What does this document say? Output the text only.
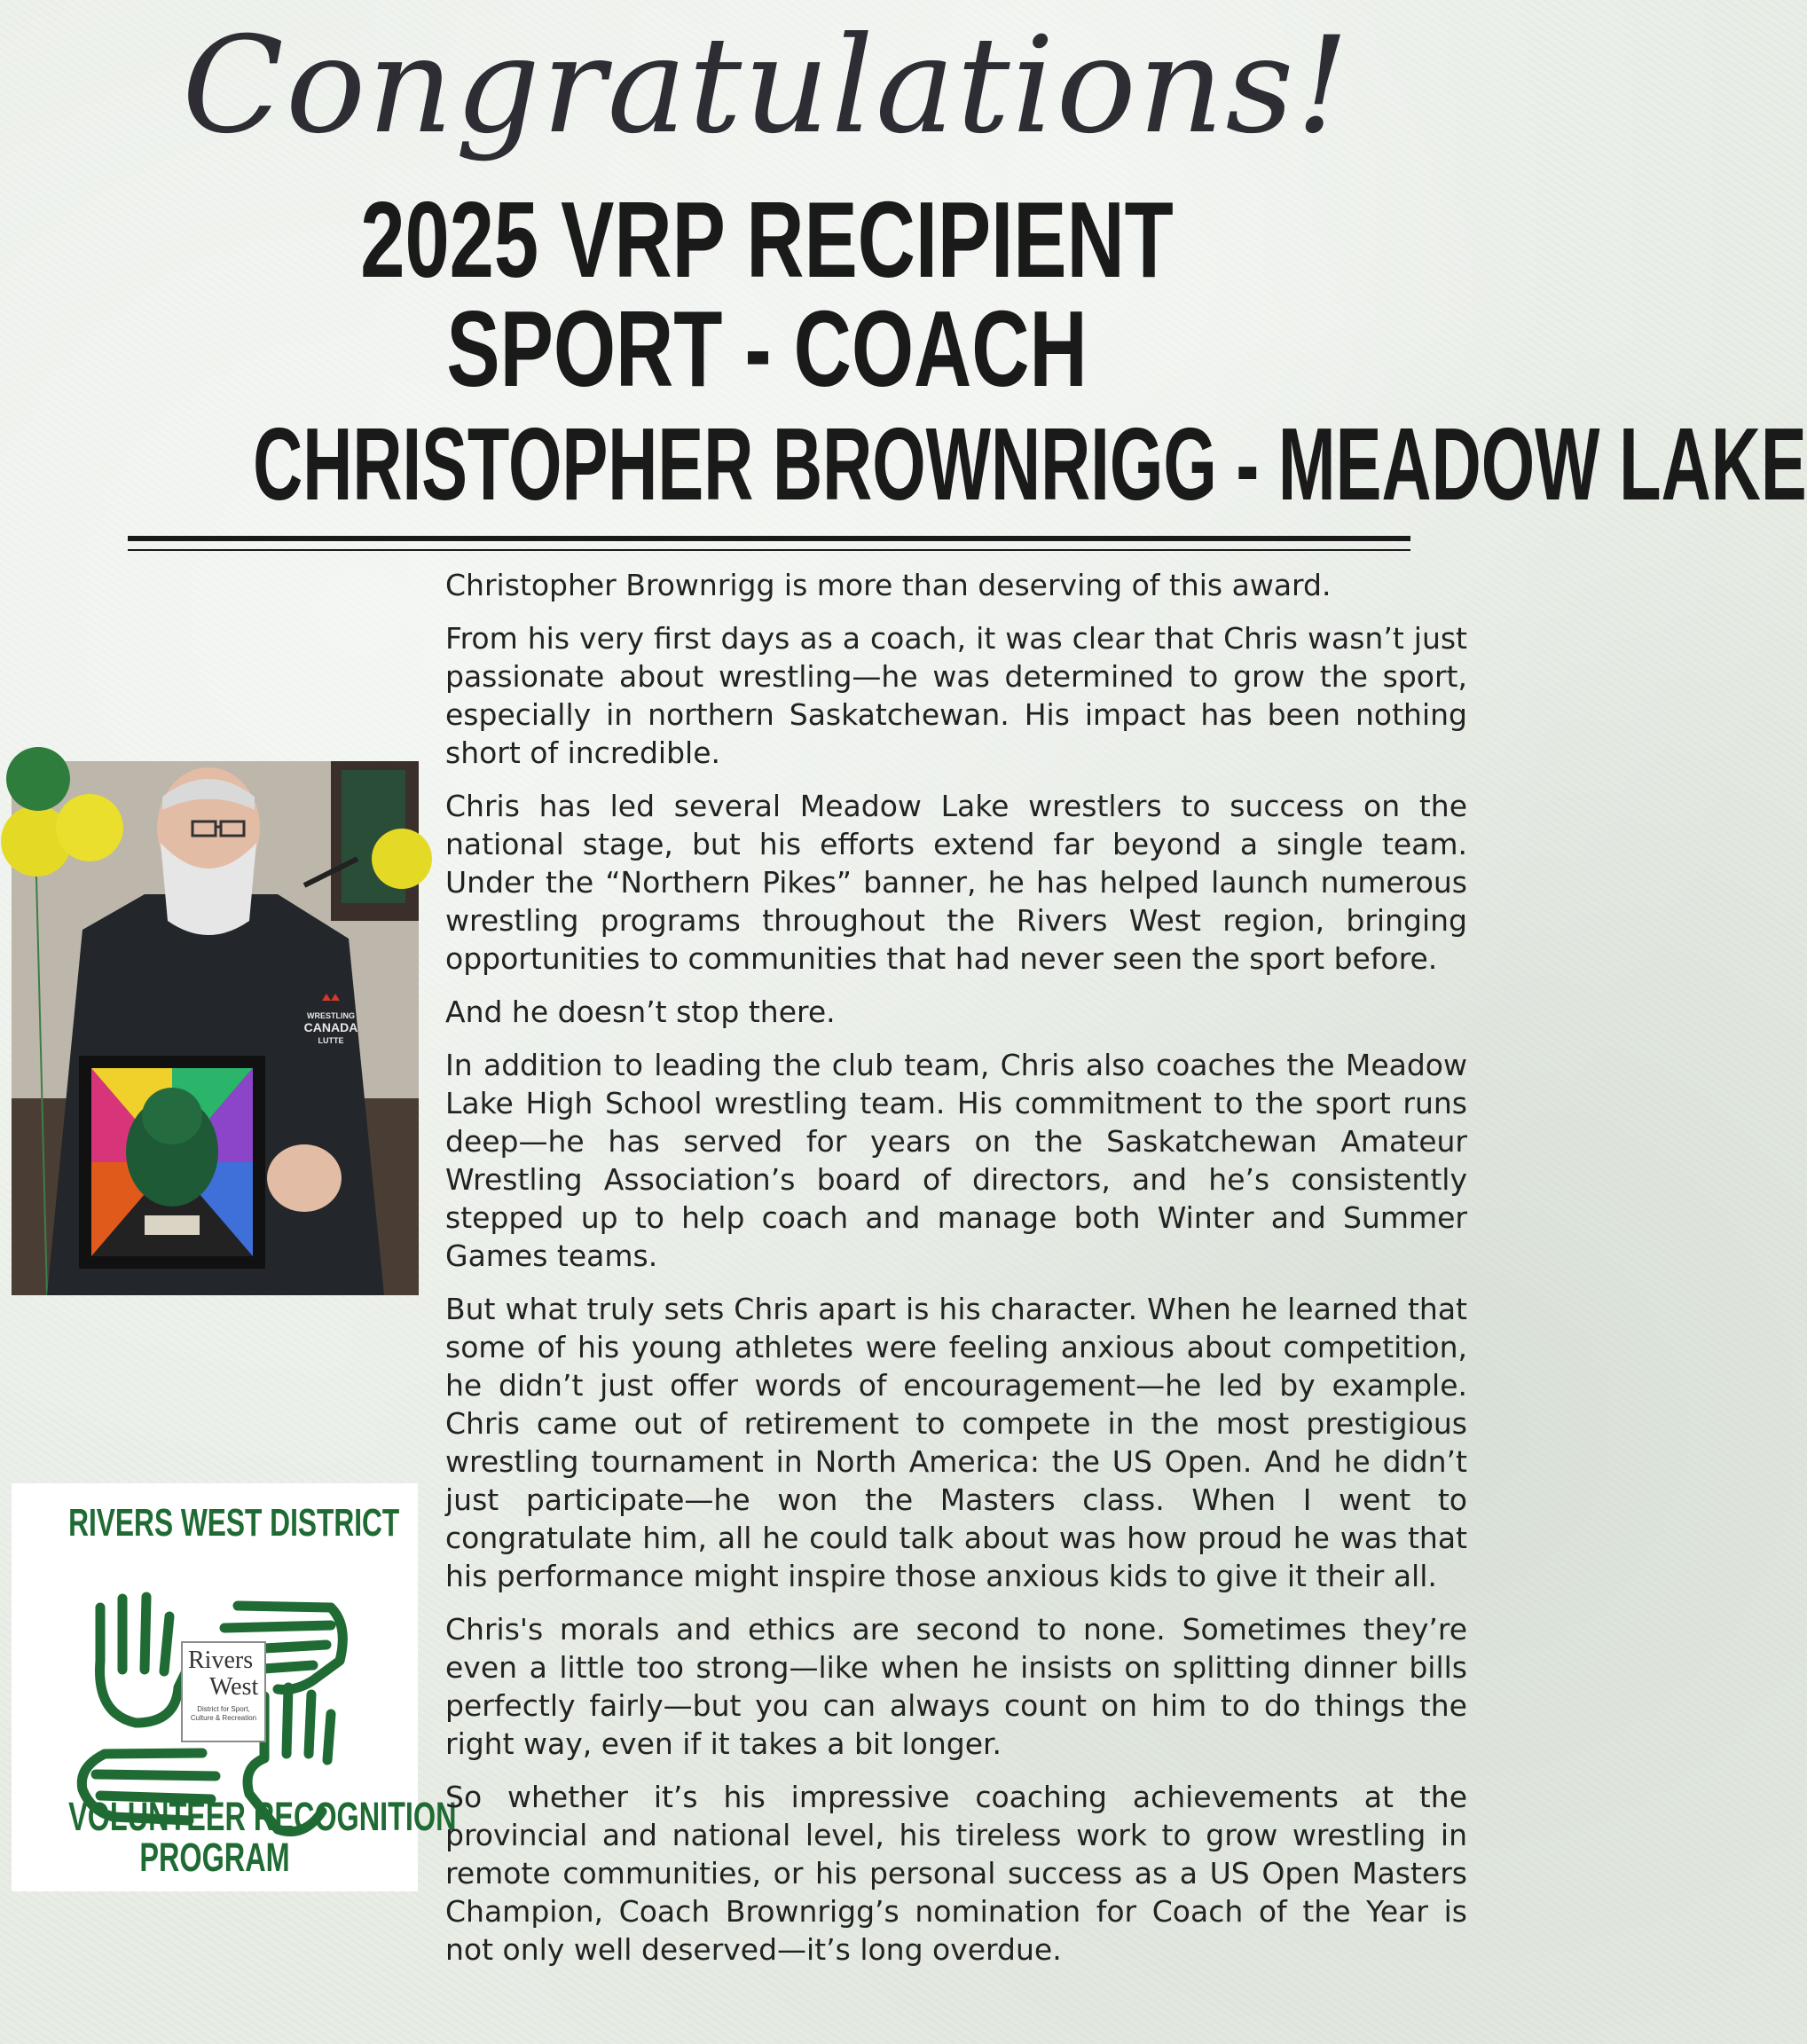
Congratulations!
2025 VRP RECIPIENT
SPORT - COACH
CHRISTOPHER BROWNRIGG - MEADOW LAKE
WRESTLING
CANADA
LUTTE
RIVERS WEST DISTRICT
Rivers
West
District for Sport, Culture & Recreation
VOLUNTEER RECOGNITION
PROGRAM

Christopher Brownrigg is more than deserving of this award.

From his very first days as a coach, it was clear that Chris wasn’t just passionate about wrestling—he was determined to grow the sport, especially in northern Saskatchewan. His impact has been nothing short of incredible.

Chris has led several Meadow Lake wrestlers to success on the national stage, but his efforts extend far beyond a single team. Under the “Northern Pikes” banner, he has helped launch numerous wrestling programs throughout the Rivers West region, bringing opportunities to communities that had never seen the sport before.

And he doesn’t stop there.

In addition to leading the club team, Chris also coaches the Meadow Lake High School wrestling team. His commitment to the sport runs deep—he has served for years on the Saskatchewan Amateur Wrestling Association’s board of directors, and he’s consistently stepped up to help coach and manage both Winter and Summer Games teams.

But what truly sets Chris apart is his character. When he learned that some of his young athletes were feeling anxious about competition, he didn’t just offer words of encouragement—he led by example. Chris came out of retirement to compete in the most prestigious wrestling tournament in North America: the US Open. And he didn’t just participate—he won the Masters class. When I went to congratulate him, all he could talk about was how proud he was that his performance might inspire those anxious kids to give it their all.

Chris's morals and ethics are second to none. Sometimes they’re even a little too strong—like when he insists on splitting dinner bills perfectly fairly—but you can always count on him to do things the right way, even if it takes a bit longer.

So whether it’s his impressive coaching achievements at the provincial and national level, his tireless work to grow wrestling in remote communities, or his personal success as a US Open Masters Champion, Coach Brownrigg’s nomination for Coach of the Year is not only well deserved—it’s long overdue.
